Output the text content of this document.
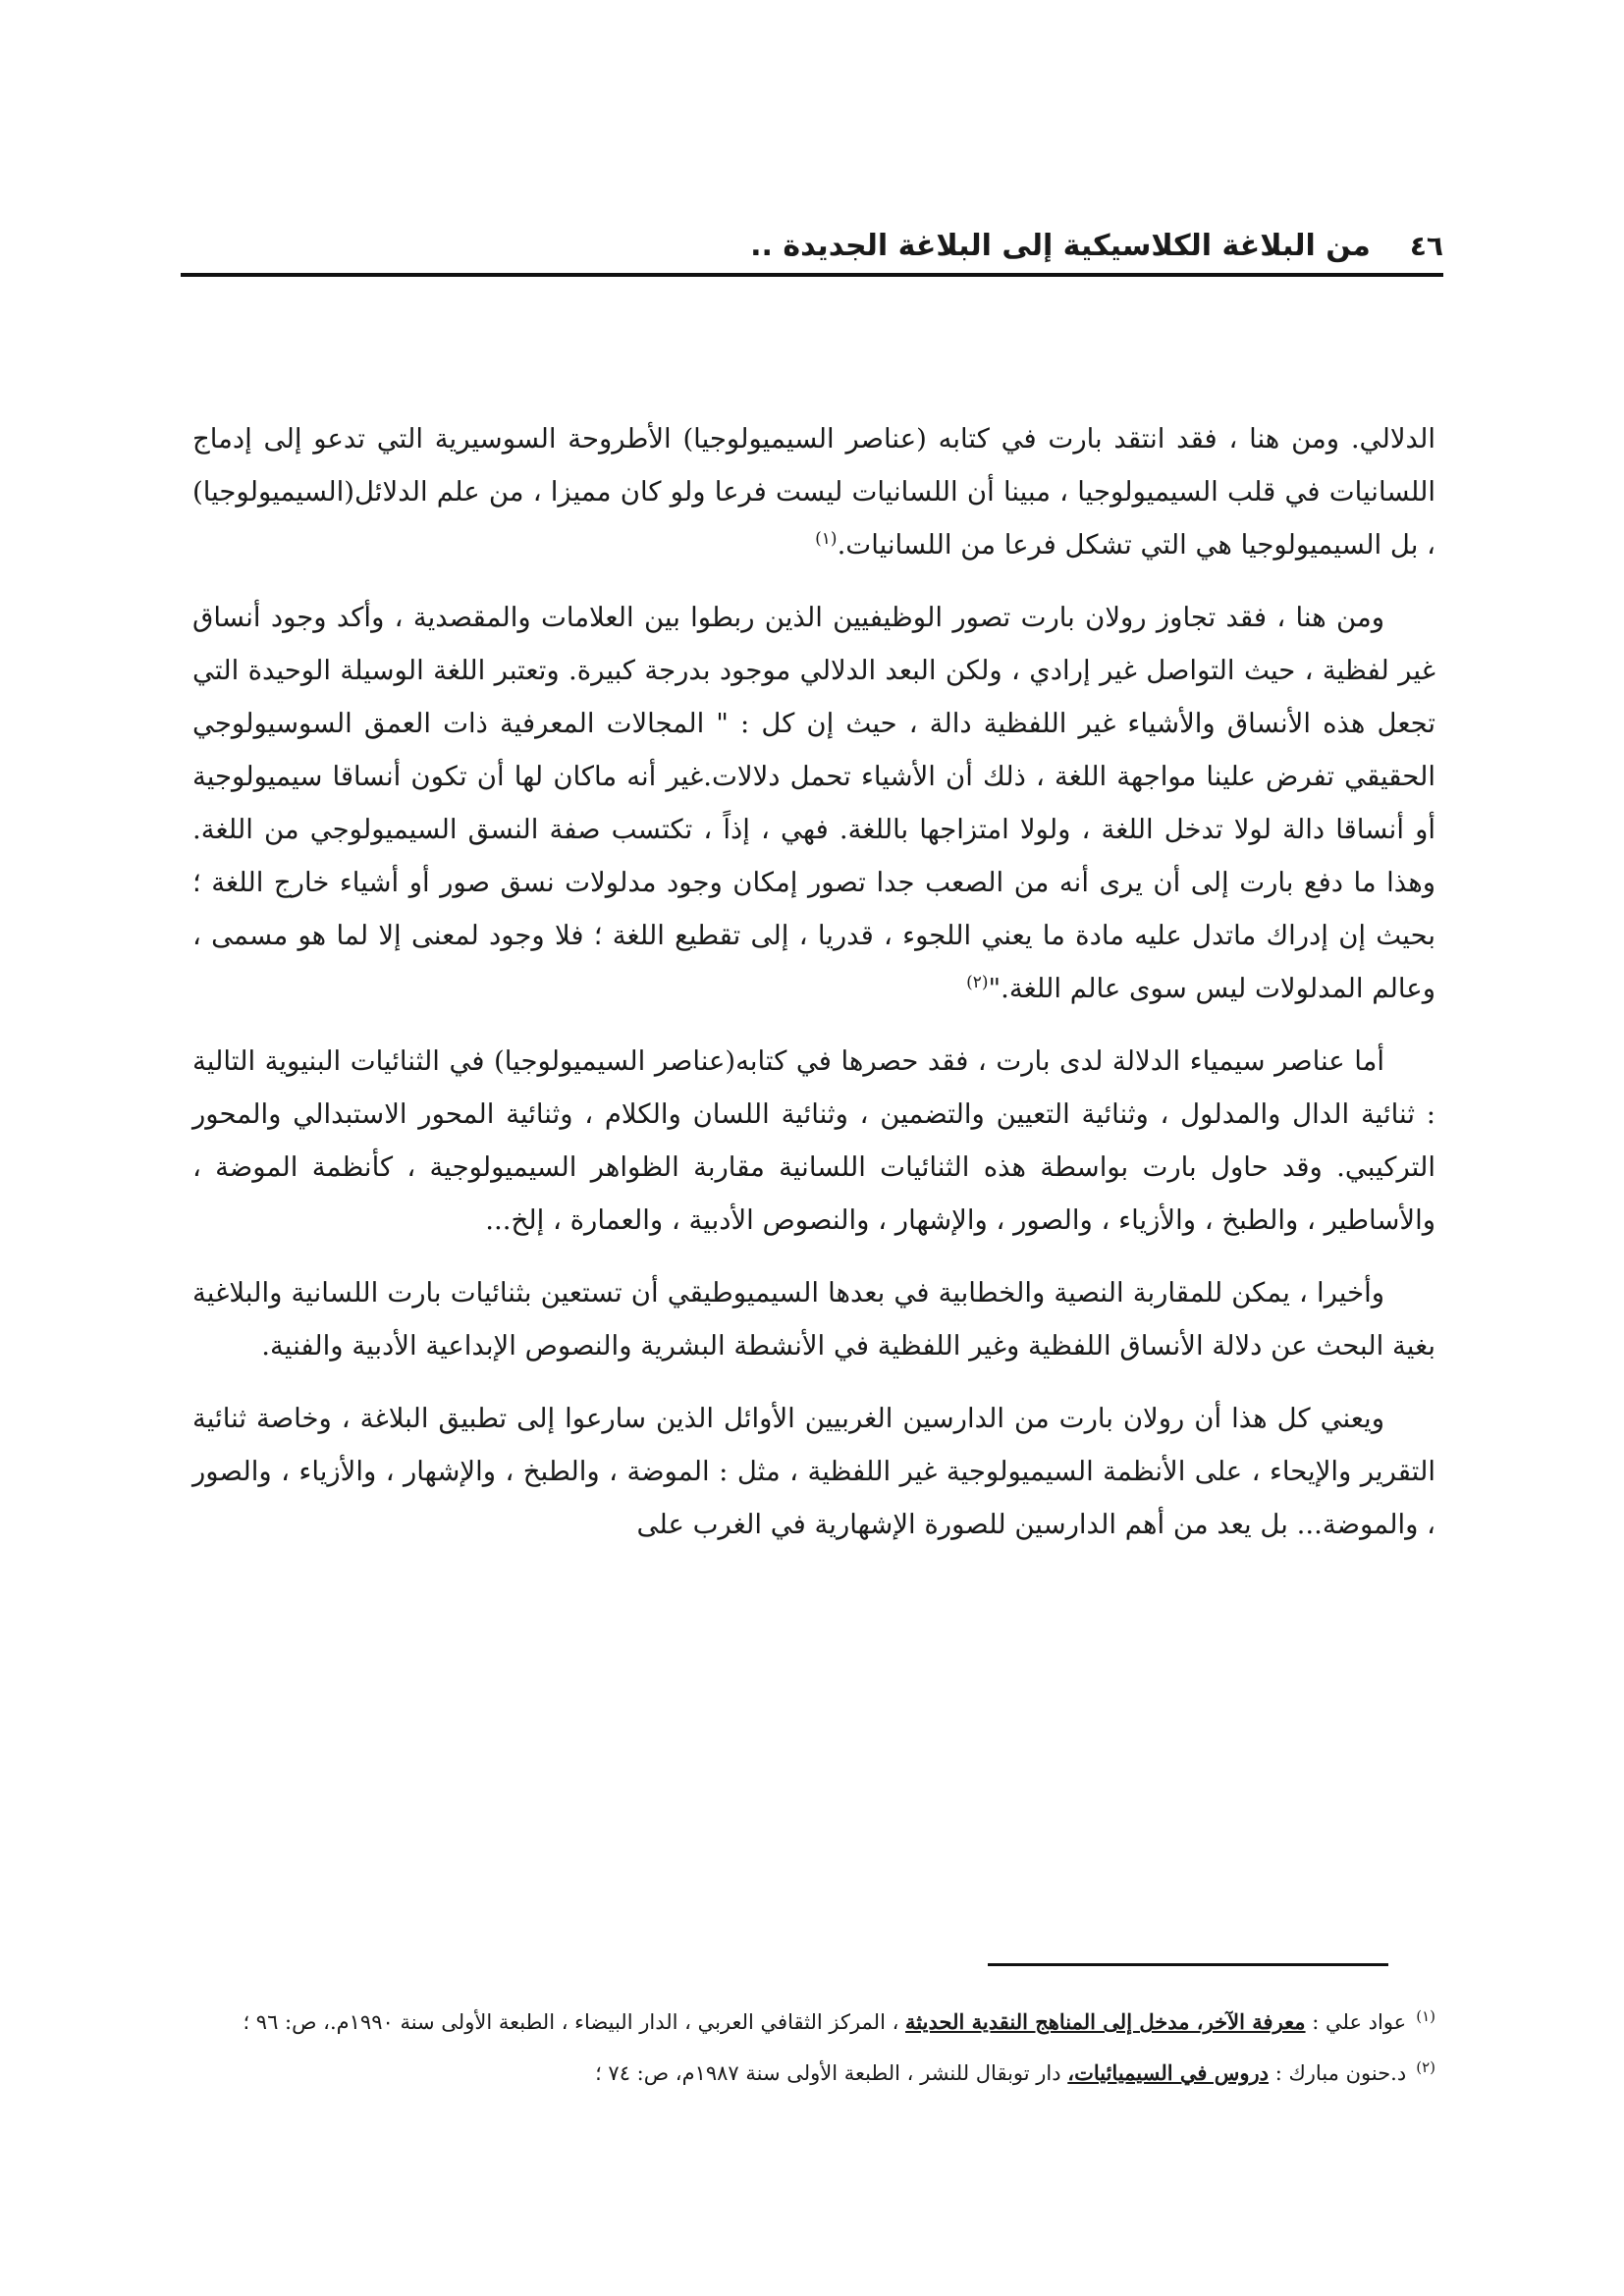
٤٦
من البلاغة الكلاسيكية إلى البلاغة الجديدة ..

الدلالي. ومن هنا ، فقد انتقد بارت في كتابه (عناصر السيميولوجيا) الأطروحة السوسيرية التي تدعو إلى إدماج اللسانيات في قلب السيميولوجيا ، مبينا أن اللسانيات ليست فرعا ولو كان مميزا ، من علم الدلائل(السيميولوجيا) ، بل السيميولوجيا هي التي تشكل فرعا من اللسانيات.$^{(١)}$

ومن هنا ، فقد تجاوز رولان بارت تصور الوظيفيين الذين ربطوا بين العلامات والمقصدية ، وأكد وجود أنساق غير لفظية ، حيث التواصل غير إرادي ، ولكن البعد الدلالي موجود بدرجة كبيرة. وتعتبر اللغة الوسيلة الوحيدة التي تجعل هذه الأنساق والأشياء غير اللفظية دالة ، حيث إن كل : " المجالات المعرفية ذات العمق السوسيولوجي الحقيقي تفرض علينا مواجهة اللغة ، ذلك أن الأشياء تحمل دلالات.غير أنه ماكان لها أن تكون أنساقا سيميولوجية أو أنساقا دالة لولا تدخل اللغة ، ولولا امتزاجها باللغة. فهي ، إذاً ، تكتسب صفة النسق السيميولوجي من اللغة. وهذا ما دفع بارت إلى أن يرى أنه من الصعب جدا تصور إمكان وجود مدلولات نسق صور أو أشياء خارج اللغة ؛ بحيث إن إدراك ماتدل عليه مادة ما يعني اللجوء ، قدريا ، إلى تقطيع اللغة ؛ فلا وجود لمعنى إلا لما هو مسمى ، وعالم المدلولات ليس سوى عالم اللغة."$^{(٢)}$

أما عناصر سيمياء الدلالة لدى بارت ، فقد حصرها في كتابه(عناصر السيميولوجيا) في الثنائيات البنيوية التالية : ثنائية الدال والمدلول ، وثنائية التعيين والتضمين ، وثنائية اللسان والكلام ، وثنائية المحور الاستبدالي والمحور التركيبي. وقد حاول بارت بواسطة هذه الثنائيات اللسانية مقاربة الظواهر السيميولوجية ، كأنظمة الموضة ، والأساطير ، والطبخ ، والأزياء ، والصور ، والإشهار ، والنصوص الأدبية ، والعمارة ، إلخ...

وأخيرا ، يمكن للمقاربة النصية والخطابية في بعدها السيميوطيقي أن تستعين بثنائيات بارت اللسانية والبلاغية بغية البحث عن دلالة الأنساق اللفظية وغير اللفظية في الأنشطة البشرية والنصوص الإبداعية الأدبية والفنية.

ويعني كل هذا أن رولان بارت من الدارسين الغربيين الأوائل الذين سارعوا إلى تطبيق البلاغة ، وخاصة ثنائية التقرير والإيحاء ، على الأنظمة السيميولوجية غير اللفظية ، مثل : الموضة ، والطبخ ، والإشهار ، والأزياء ، والصور ، والموضة... بل يعد من أهم الدارسين للصورة الإشهارية في الغرب على

$^{(١)}$عواد علي : معرفة الآخر، مدخل إلى المناهج النقدية الحديثة ، المركز الثقافي العربي ، الدار البيضاء ، الطبعة الأولى سنة ١٩٩٠م.، ص: ٩٦ ؛

$^{(٢)}$د.حنون مبارك : دروس في السيميائيات، دار توبقال للنشر ، الطبعة الأولى سنة ١٩٨٧م، ص: ٧٤ ؛
